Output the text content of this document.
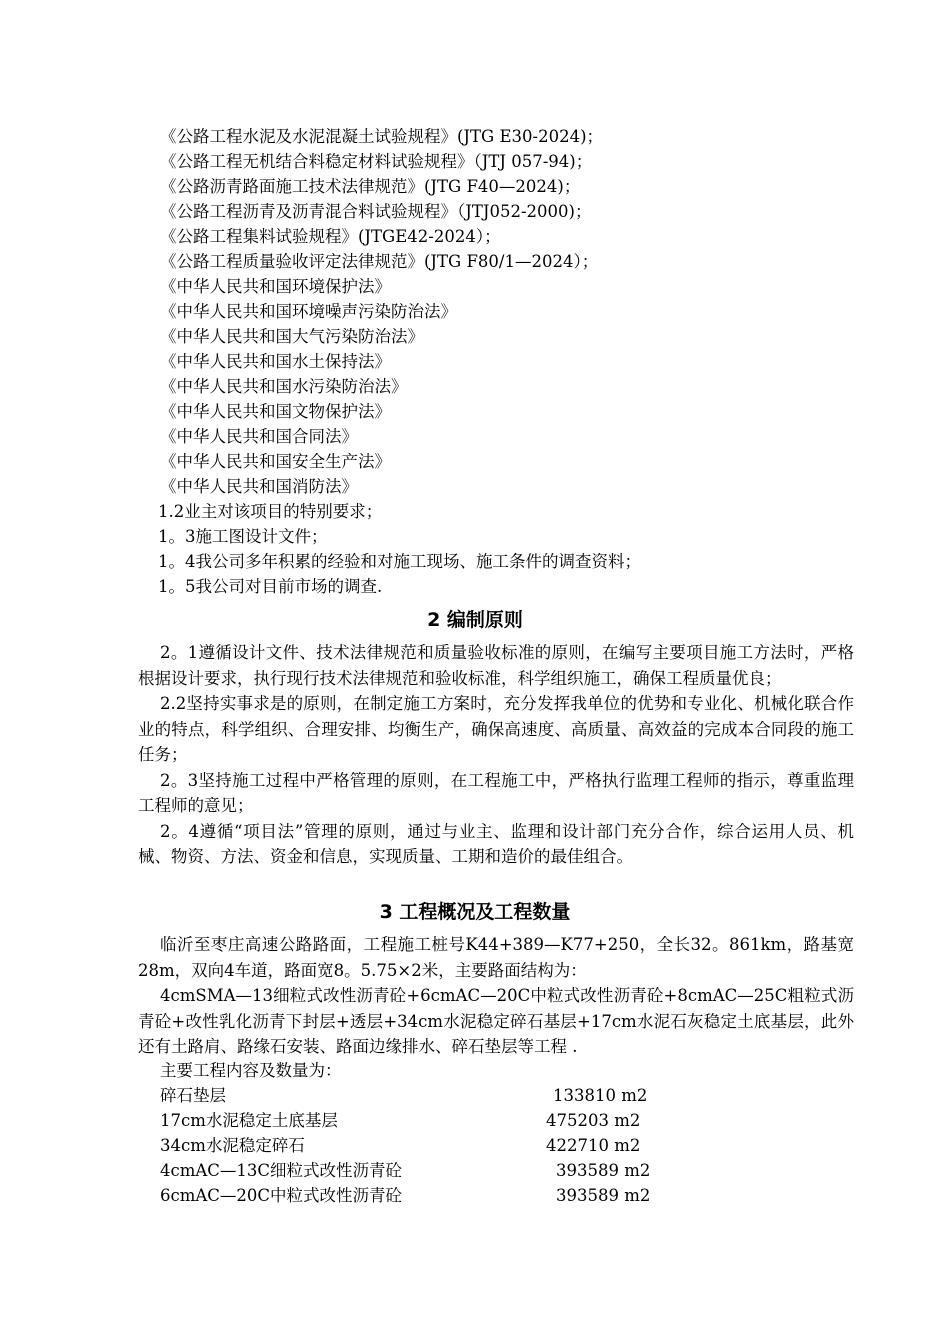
《公路工程水泥及水泥混凝土试验规程》(JTG E30-2024)；
《公路工程无机结合料稳定材料试验规程》（JTJ 057-94)；
《公路沥青路面施工技术法律规范》(JTG F40—2024)；
《公路工程沥青及沥青混合料试验规程》（JTJ052-2000)；
《公路工程集料试验规程》(JTGE42-2024）；
《公路工程质量验收评定法律规范》(JTG F80/1—2024）；
《中华人民共和国环境保护法》
《中华人民共和国环境噪声污染防治法》
《中华人民共和国大气污染防治法》
《中华人民共和国水土保持法》
《中华人民共和国水污染防治法》
《中华人民共和国文物保护法》
《中华人民共和国合同法》
《中华人民共和国安全生产法》
《中华人民共和国消防法》
1.2业主对该项目的特别要求；
1。3施工图设计文件；
1。4我公司多年积累的经验和对施工现场、施工条件的调查资料；
1。5我公司对目前市场的调查.
2 编制原则

2。1遵循设计文件、技术法律规范和质量验收标准的原则，在编写主要项目施工方法时，严格根据设计要求，执行现行技术法律规范和验收标准，科学组织施工，确保工程质量优良；

2.2坚持实事求是的原则，在制定施工方案时，充分发挥我单位的优势和专业化、机械化联合作业的特点，科学组织、合理安排、均衡生产，确保高速度、高质量、高效益的完成本合同段的施工任务；

2。3坚持施工过程中严格管理的原则，在工程施工中，严格执行监理工程师的指示，尊重监理工程师的意见；

2。4遵循“项目法”管理的原则，通过与业主、监理和设计部门充分合作，综合运用人员、机械、物资、方法、资金和信息，实现质量、工期和造价的最佳组合。

3 工程概况及工程数量

临沂至枣庄高速公路路面，工程施工桩号K44+389—K77+250，全长32。861km，路基宽28m，双向4车道，路面宽8。5.75×2米，主要路面结构为：

4cmSMA—13细粒式改性沥青砼+6cmAC—20C中粒式改性沥青砼+8cmAC—25C粗粒式沥青砼+改性乳化沥青下封层+透层+34cm水泥稳定碎石基层+17cm水泥石灰稳定土底基层，此外还有土路肩、路缘石安装、路面边缘排水、碎石垫层等工程 .

主要工程内容及数量为：
碎石垫层	133810 m2
17cm水泥稳定土底基层	475203 m2
34cm水泥稳定碎石	422710 m2
4cmAC—13C细粒式改性沥青砼	393589 m2
6cmAC—20C中粒式改性沥青砼	393589 m2
